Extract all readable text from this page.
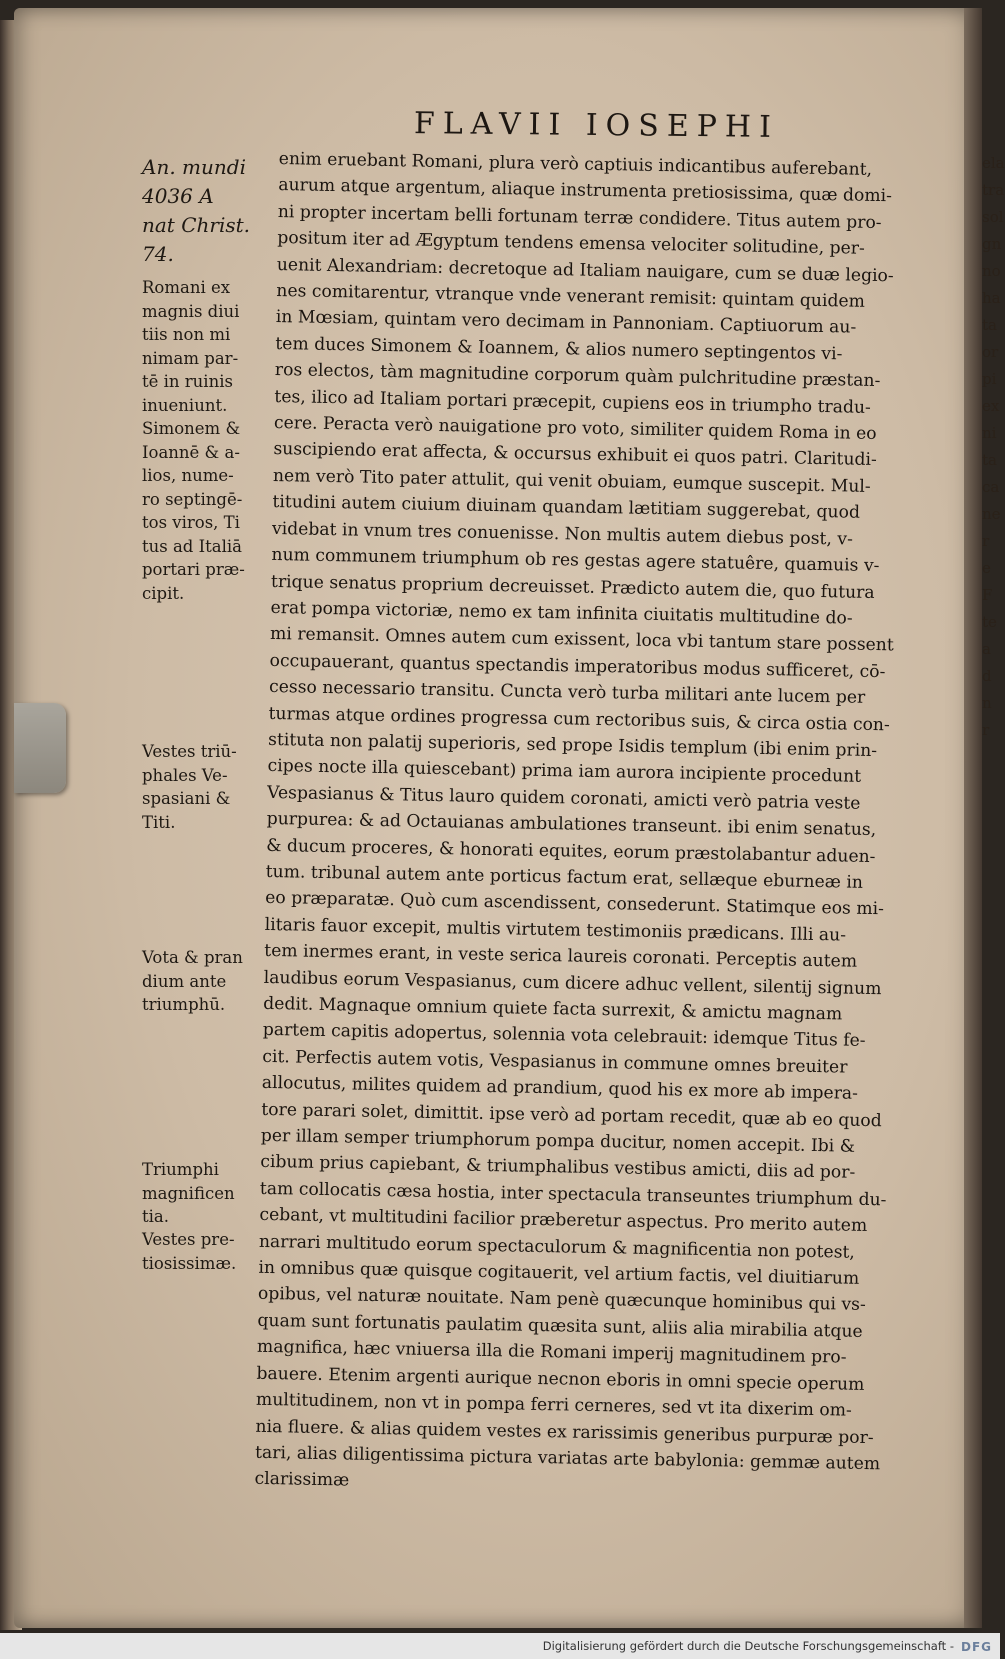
FLAVII IOSEPHI
An. mundi
4036 A
nat Christ.
74.
Romani ex
magnis diui
tiis non mi
nimam par-
tē in ruinis
inueniunt.
Simonem &
Ioannē & a-
lios, nume-
ro septingē-
tos viros, Ti
tus ad Italiā
portari præ-
cipit.
Vestes triū-
phales Ve-
spasiani &
Titi.
Vota & pran
dium ante
triumphū.
Triumphi
magnificen
tia.
Vestes pre-
tiosissimæ.
enim eruebant Romani, plura verò captiuis indicantibus auferebant,
aurum atque argentum, aliaque instrumenta pretiosissima, quæ domi-
ni propter incertam belli fortunam terræ condidere. Titus autem pro-
positum iter ad Ægyptum tendens emensa velociter solitudine, per-
uenit Alexandriam: decretoque ad Italiam nauigare, cum se duæ legio-
nes comitarentur, vtranque vnde venerant remisit: quintam quidem
in Mœsiam, quintam vero decimam in Pannoniam. Captiuorum au-
tem duces Simonem & Ioannem, & alios numero septingentos vi-
ros electos, tàm magnitudine corporum quàm pulchritudine præstan-
tes, ilico ad Italiam portari præcepit, cupiens eos in triumpho tradu-
cere. Peracta verò nauigatione pro voto, similiter quidem Roma in eo
suscipiendo erat affecta, & occursus exhibuit ei quos patri. Claritudi-
nem verò Tito pater attulit, qui venit obuiam, eumque suscepit. Mul-
titudini autem ciuium diuinam quandam lætitiam suggerebat, quod
videbat in vnum tres conuenisse. Non multis autem diebus post, v-
num communem triumphum ob res gestas agere statuêre, quamuis v-
trique senatus proprium decreuisset. Prædicto autem die, quo futura
erat pompa victoriæ, nemo ex tam infinita ciuitatis multitudine do-
mi remansit. Omnes autem cum exissent, loca vbi tantum stare possent
occupauerant, quantus spectandis imperatoribus modus sufficeret, cō-
cesso necessario transitu. Cuncta verò turba militari ante lucem per
turmas atque ordines progressa cum rectoribus suis, & circa ostia con-
stituta non palatij superioris, sed prope Isidis templum (ibi enim prin-
cipes nocte illa quiescebant) prima iam aurora incipiente procedunt
Vespasianus & Titus lauro quidem coronati, amicti verò patria veste
purpurea: & ad Octauianas ambulationes transeunt. ibi enim senatus,
& ducum proceres, & honorati equites, eorum præstolabantur aduen-
tum. tribunal autem ante porticus factum erat, sellæque eburneæ in
eo præparatæ. Quò cum ascendissent, consederunt. Statimque eos mi-
litaris fauor excepit, multis virtutem testimoniis prædicans. Illi au-
tem inermes erant, in veste serica laureis coronati. Perceptis autem
laudibus eorum Vespasianus, cum dicere adhuc vellent, silentij signum
dedit. Magnaque omnium quiete facta surrexit, & amictu magnam
partem capitis adopertus, solennia vota celebrauit: idemque Titus fe-
cit. Perfectis autem votis, Vespasianus in commune omnes breuiter
allocutus, milites quidem ad prandium, quod his ex more ab impera-
tore parari solet, dimittit. ipse verò ad portam recedit, quæ ab eo quod
per illam semper triumphorum pompa ducitur, nomen accepit. Ibi &
cibum prius capiebant, & triumphalibus vestibus amicti, diis ad por-
tam collocatis cæsa hostia, inter spectacula transeuntes triumphum du-
cebant, vt multitudini facilior præberetur aspectus. Pro merito autem
narrari multitudo eorum spectaculorum & magnificentia non potest,
in omnibus quæ quisque cogitauerit, vel artium factis, vel diuitiarum
opibus, vel naturæ nouitate. Nam penè quæcunque hominibus qui vs-
quam sunt fortunatis paulatim quæsita sunt, aliis alia mirabilia atque
magnifica, hæc vniuersa illa die Romani imperij magnitudinem pro-
bauere. Etenim argenti aurique necnon eboris in omni specie operum
multitudinem, non vt in pompa ferri cerneres, sed vt ita dixerim om-
nia fluere. & alias quidem vestes ex rarissimis generibus purpuræ por-
tari, alias diligentissima pictura variatas arte babylonia: gemmæ autem
clarissimæ
ela
tra
sol
gn
no
ha
ta
or
pi
ex
ni
ta
ca
ne
r
e
F
te
a
d
n
r
Digitalisierung gefördert durch die Deutsche Forschungsgemeinschaft - DFG
